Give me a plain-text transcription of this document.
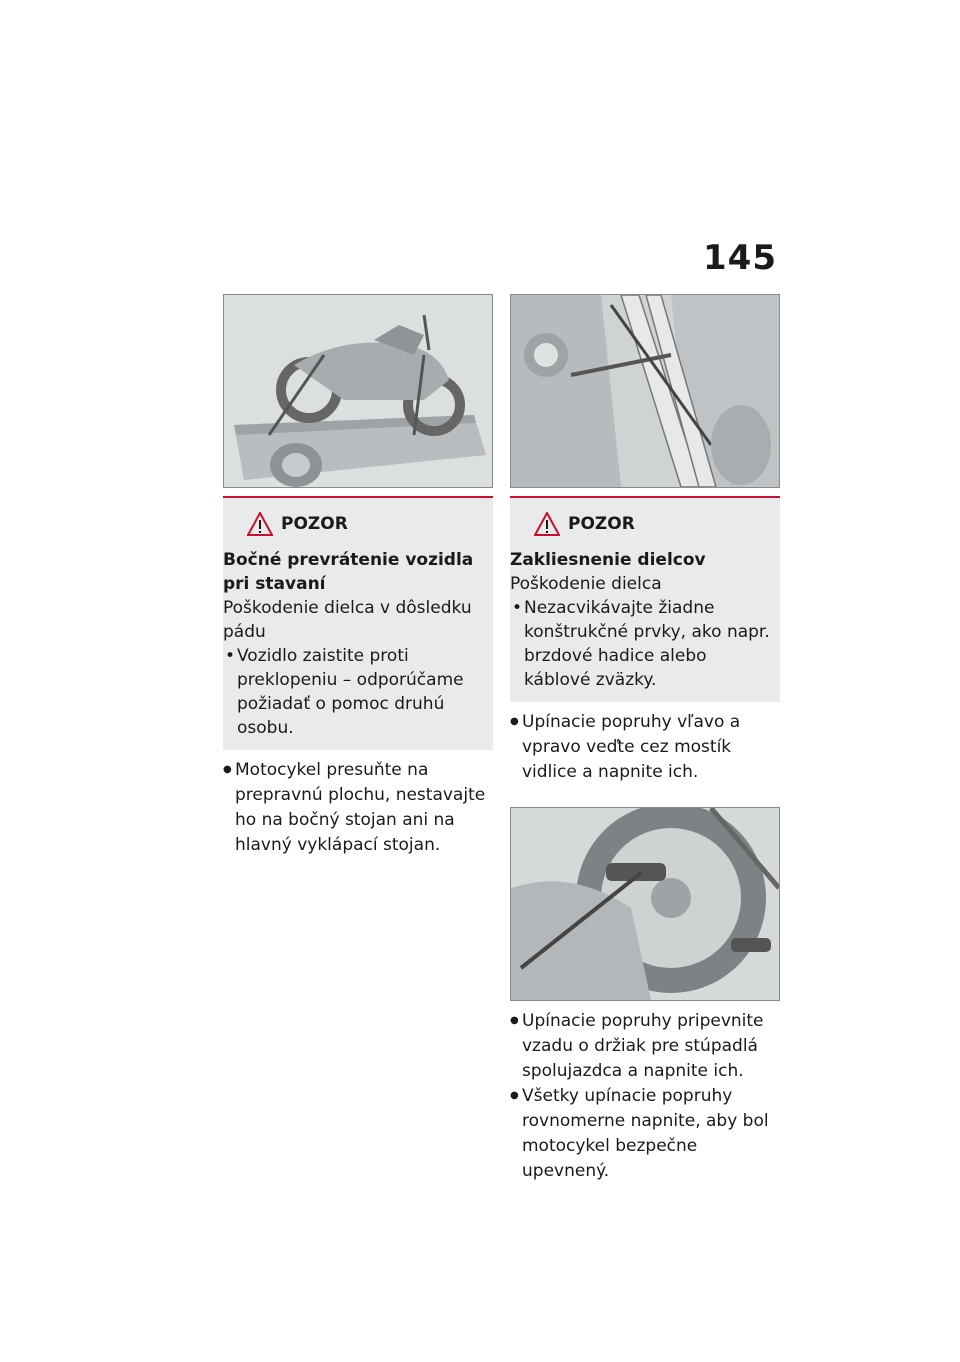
145
POZOR
Bočné prevrátenie vozidla pri stavaní
Poškodenie dielca v dôsledku pádu
• Vozidlo zaistite proti preklopeniu – odporúčame požiadať o pomoc druhú osobu.
● Motocykel presuňte na prepravnú plochu, nestavajte ho na bočný stojan ani na hlavný vyklápací stojan.
POZOR
Zakliesnenie dielcov
Poškodenie dielca
• Nezacvikávajte žiadne konštrukčné prvky, ako napr. brzdové hadice alebo káblové zväzky.
● Upínacie popruhy vľavo a vpravo veďte cez mostík vidlice a napnite ich.
● Upínacie popruhy pripevnite vzadu o držiak pre stúpadlá spolujazdca a napnite ich.
● Všetky upínacie popruhy rovnomerne napnite, aby bol motocykel bezpečne upevnený.
